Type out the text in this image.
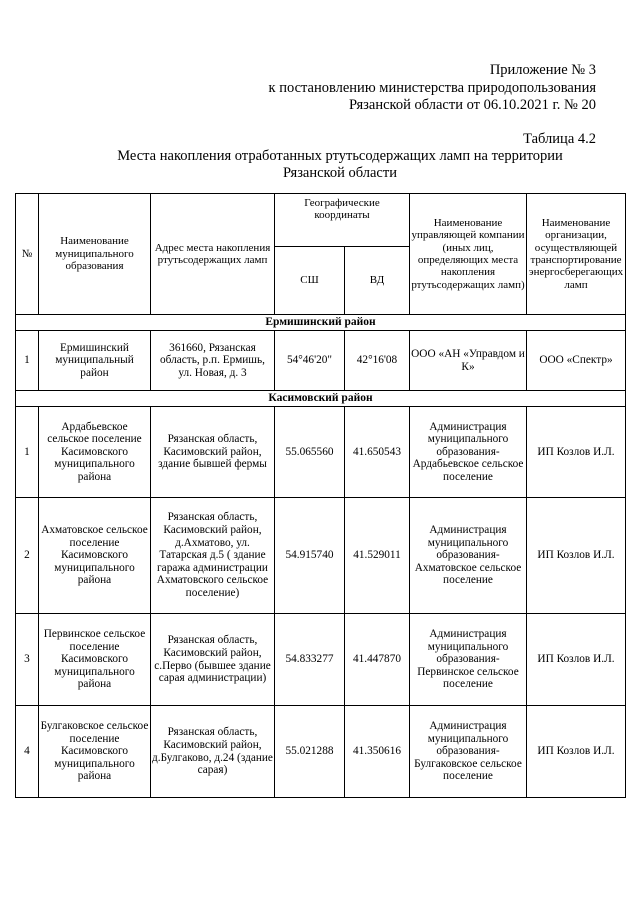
Приложение № 3
к постановлению министерства природопользования
Рязанской области от 06.10.2021 г. № 20
Таблица 4.2
Места накопления отработанных ртутьсодержащих ламп на территории
Рязанской области
№	Наименование муниципального образования	Адрес места накопления ртутьсодержащих ламп	Географические координаты		Наименование управляющей компании (иных лиц, определяющих места накопления ртутьсодержащих ламп)	Наименование организации, осуществляющей транспортирование энергосберегающих ламп
			СШ	ВД		
Ермишинский район						
1	Ермишинский муниципальный район	361660, Рязанская область, р.п. Ермишь, ул. Новая, д. 3	54°46'20"	42°16'08	ООО «АН «Управдом и К»	ООО «Спектр»
Касимовский район						
1	Ардабьевское сельское поселение Касимовского муниципального района	Рязанская область, Касимовский район, здание бывшей фермы	55.065560	41.650543	Администрация муниципального образования-Ардабьевское сельское поселение	ИП Козлов И.Л.
2	Ахматовское сельское поселение Касимовского муниципального района	Рязанская область, Касимовский район, д.Ахматово, ул. Татарская д.5 ( здание гаража администрации Ахматовского сельское поселение)	54.915740	41.529011	Администрация муниципального образования-Ахматовское сельское поселение	ИП Козлов И.Л.
3	Первинское сельское поселение Касимовского муниципального района	Рязанская область, Касимовский район, с.Перво (бывшее здание сарая администрации)	54.833277	41.447870	Администрация муниципального образования-Первинское сельское поселение	ИП Козлов И.Л.
4	Булгаковское сельское поселение Касимовского муниципального района	Рязанская область, Касимовский район, д.Булгаково, д.24 (здание сарая)	55.021288	41.350616	Администрация муниципального образования-Булгаковское сельское поселение	ИП Козлов И.Л.
